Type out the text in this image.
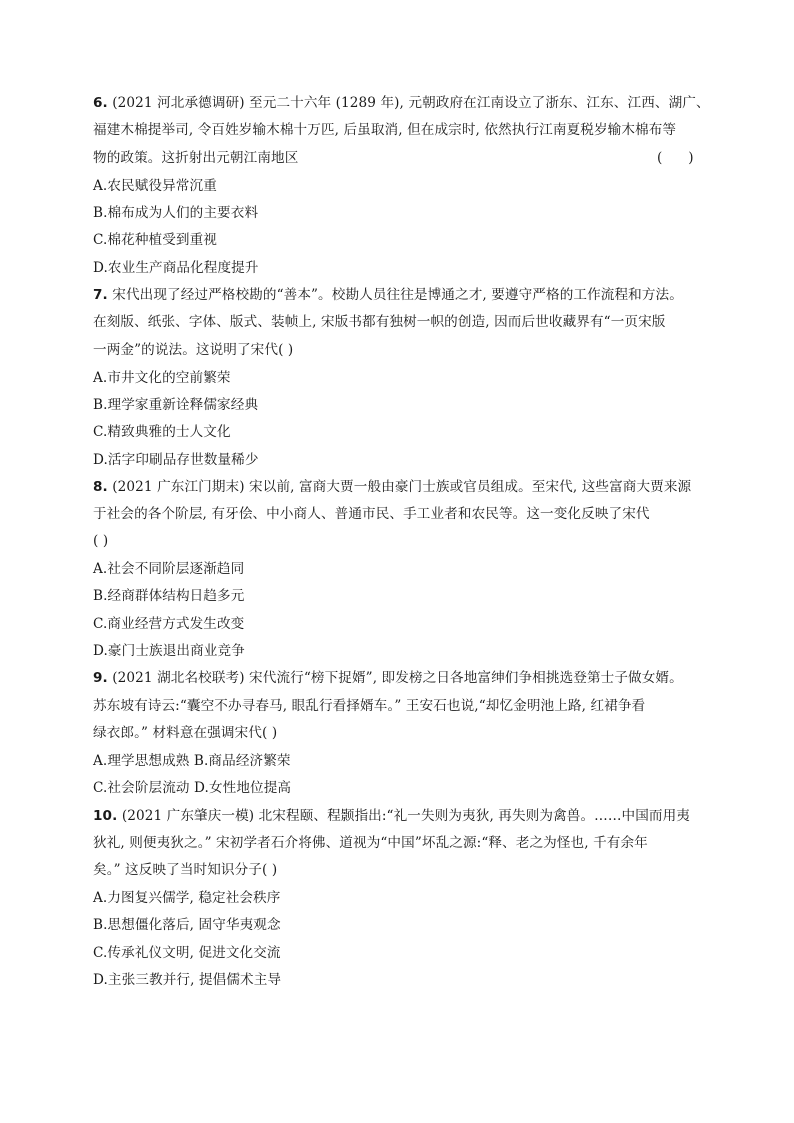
6. (2021 河北承德调研) 至元二十六年 (1289 年), 元朝政府在江南设立了浙东、江东、江西、湖广、
福建木棉提举司, 令百姓岁输木棉十万匹, 后虽取消, 但在成宗时, 依然执行江南夏税岁输木棉布等
物的政策。这折射出元朝江南地区	(      )
A.农民赋役异常沉重
B.棉布成为人们的主要衣料
C.棉花种植受到重视
D.农业生产商品化程度提升
7. 宋代出现了经过严格校勘的“善本”。校勘人员往往是博通之才, 要遵守严格的工作流程和方法。
在刻版、纸张、字体、版式、装帧上, 宋版书都有独树一帜的创造, 因而后世收藏界有“一页宋版
一两金”的说法。这说明了宋代( )
A.市井文化的空前繁荣
B.理学家重新诠释儒家经典
C.精致典雅的士人文化
D.活字印刷品存世数量稀少
8. (2021 广东江门期末) 宋以前, 富商大贾一般由豪门士族或官员组成。至宋代, 这些富商大贾来源
于社会的各个阶层, 有牙侩、中小商人、普通市民、手工业者和农民等。这一变化反映了宋代
( )
A.社会不同阶层逐渐趋同
B.经商群体结构日趋多元
C.商业经营方式发生改变
D.豪门士族退出商业竞争
9. (2021 湖北名校联考) 宋代流行“榜下捉婿”, 即发榜之日各地富绅们争相挑选登第士子做女婿。
苏东坡有诗云:“囊空不办寻春马, 眼乱行看择婿车。” 王安石也说,“却忆金明池上路, 红裙争看
绿衣郎。” 材料意在强调宋代( )
A.理学思想成熟 B.商品经济繁荣
C.社会阶层流动 D.女性地位提高
10. (2021 广东肇庆一模) 北宋程颐、程颢指出:“礼一失则为夷狄, 再失则为禽兽。……中国而用夷
狄礼, 则便夷狄之。” 宋初学者石介将佛、道视为“中国”坏乱之源:“释、老之为怪也, 千有余年
矣。” 这反映了当时知识分子( )
A.力图复兴儒学, 稳定社会秩序
B.思想僵化落后, 固守华夷观念
C.传承礼仪文明, 促进文化交流
D.主张三教并行, 提倡儒术主导
